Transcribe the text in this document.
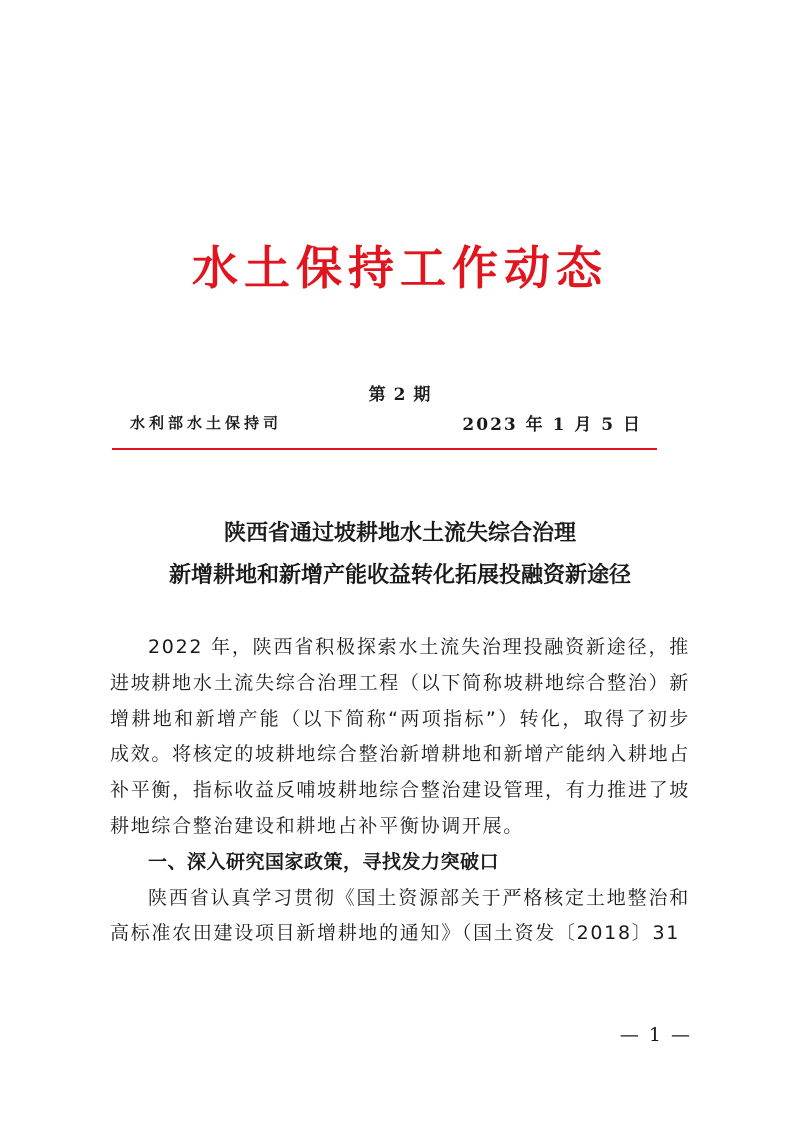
水土保持工作动态
第 2 期
水利部水土保持司	2023 年 1 月 5 日
陕西省通过坡耕地水土流失综合治理
新增耕地和新增产能收益转化拓展投融资新途径

2022 年，陕西省积极探索水土流失治理投融资新途径，推进坡耕地水土流失综合治理工程（以下简称坡耕地综合整治）新增耕地和新增产能（以下简称“两项指标”）转化，取得了初步成效。将核定的坡耕地综合整治新增耕地和新增产能纳入耕地占补平衡，指标收益反哺坡耕地综合整治建设管理，有力推进了坡耕地综合整治建设和耕地占补平衡协调开展。

一、深入研究国家政策，寻找发力突破口

陕西省认真学习贯彻《国土资源部关于严格核定土地整治和高标准农田建设项目新增耕地的通知》（国土资发〔2018〕31

— 1 —
